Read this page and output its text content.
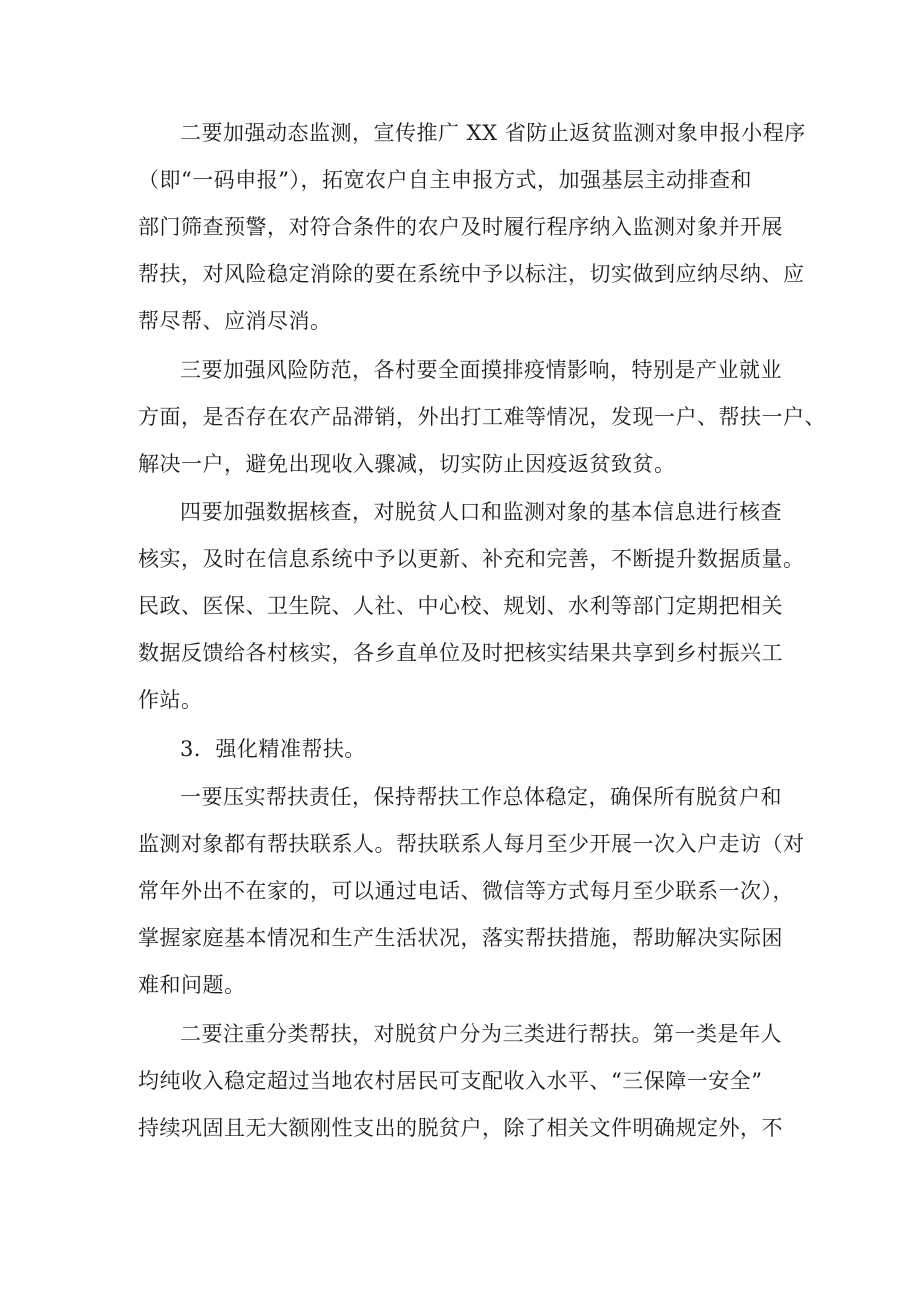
二要加强动态监测，宣传推广 XX 省防止返贫监测对象申报小程序
（即“一码申报”），拓宽农户自主申报方式，加强基层主动排查和
部门筛查预警，对符合条件的农户及时履行程序纳入监测对象并开展
帮扶，对风险稳定消除的要在系统中予以标注，切实做到应纳尽纳、应
帮尽帮、应消尽消。
三要加强风险防范，各村要全面摸排疫情影响，特别是产业就业
方面，是否存在农产品滞销，外出打工难等情况，发现一户、帮扶一户、
解决一户，避免出现收入骤减，切实防止因疫返贫致贫。
四要加强数据核查，对脱贫人口和监测对象的基本信息进行核查
核实，及时在信息系统中予以更新、补充和完善，不断提升数据质量。
民政、医保、卫生院、人社、中心校、规划、水利等部门定期把相关
数据反馈给各村核实，各乡直单位及时把核实结果共享到乡村振兴工
作站。
3．强化精准帮扶。
一要压实帮扶责任，保持帮扶工作总体稳定，确保所有脱贫户和
监测对象都有帮扶联系人。帮扶联系人每月至少开展一次入户走访（对
常年外出不在家的，可以通过电话、微信等方式每月至少联系一次），
掌握家庭基本情况和生产生活状况，落实帮扶措施，帮助解决实际困
难和问题。
二要注重分类帮扶，对脱贫户分为三类进行帮扶。第一类是年人
均纯收入稳定超过当地农村居民可支配收入水平、“三保障一安全”
持续巩固且无大额刚性支出的脱贫户，除了相关文件明确规定外，不
